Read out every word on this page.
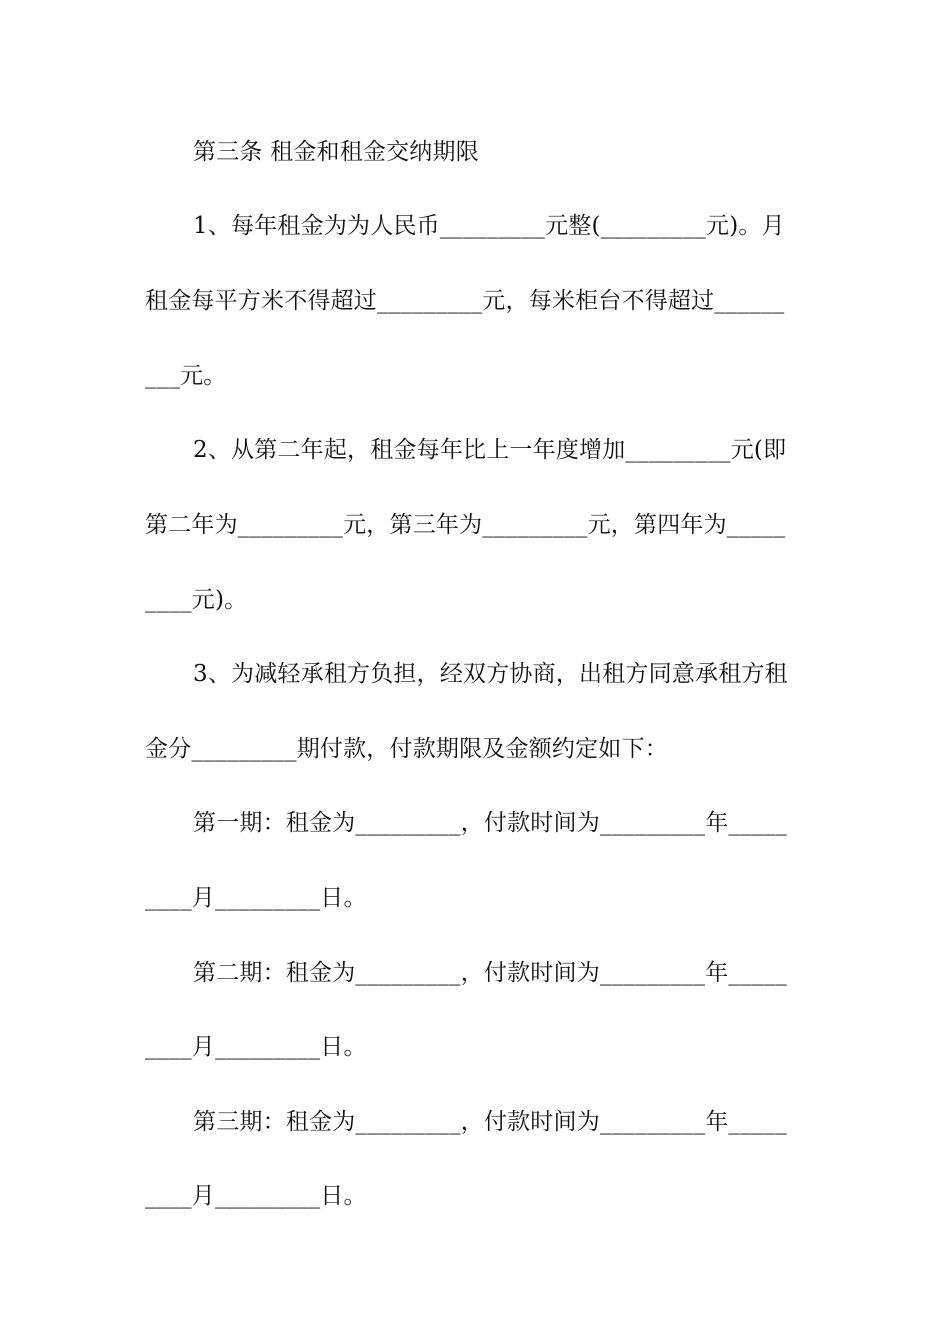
第三条 租金和租金交纳期限
1、每年租金为为人民币_________元整(_________元)。月
租金每平方米不得超过_________元，每米柜台不得超过______
___元。
2、从第二年起，租金每年比上一年度增加_________元(即
第二年为_________元，第三年为_________元，第四年为_____
____元)。
3、为减轻承租方负担，经双方协商，出租方同意承租方租
金分_________期付款，付款期限及金额约定如下：
第一期：租金为_________，付款时间为_________年_____
____月_________日。
第二期：租金为_________，付款时间为_________年_____
____月_________日。
第三期：租金为_________，付款时间为_________年_____
____月_________日。
